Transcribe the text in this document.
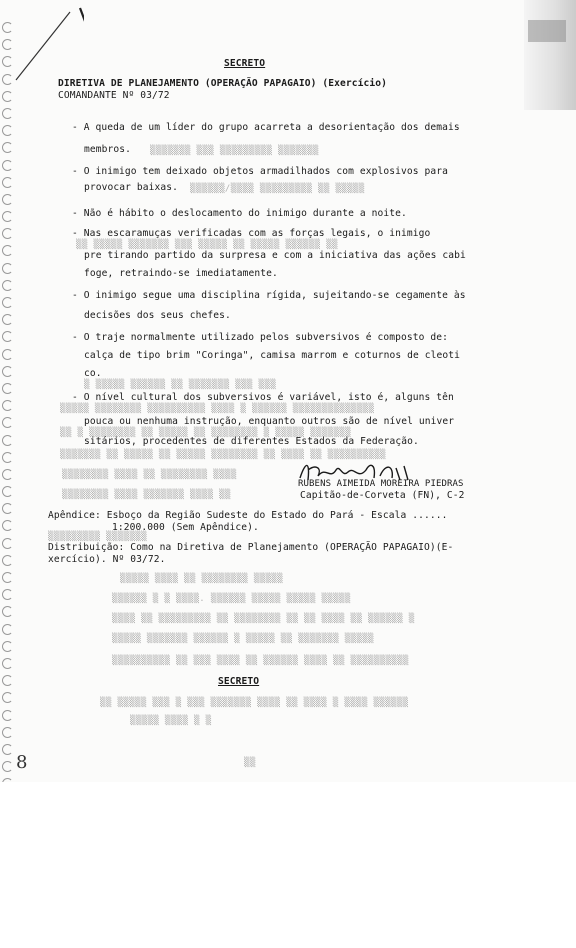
SECRETO
DIRETIVA DE PLANEJAMENTO (OPERAÇÃO PAPAGAIO) (Exercício)
COMANDANTE Nº 03/72
- A queda de um líder do grupo acarreta a desorientação dos demais
membros. ▒▒▒▒▒▒▒ ▒▒▒ ▒▒▒▒▒▒▒▒▒ ▒▒▒▒▒▒▒
- O inimigo tem deixado objetos armadilhados com explosivos para
provocar baixas. ▒▒▒▒▒▒/▒▒▒▒ ▒▒▒▒▒▒▒▒▒ ▒▒ ▒▒▒▒▒
- Não é hábito o deslocamento do inimigo durante a noite.
- Nas escaramuças verificadas com as forças legais, o inimigo
▒▒ ▒▒▒▒▒ ▒▒▒▒▒▒▒ ▒▒▒ ▒▒▒▒▒ ▒▒ ▒▒▒▒▒ ▒▒▒▒▒▒ ▒▒
pre tirando partido da surpresa e com a iniciativa das ações cabi
foge, retraindo-se imediatamente.
- O inimigo segue uma disciplina rígida, sujeitando-se cegamente às
decisões dos seus chefes.
- O traje normalmente utilizado pelos subversivos é composto de:
calça de tipo brim "Coringa", camisa marrom e coturnos de cleoti
co.
▒ ▒▒▒▒▒ ▒▒▒▒▒▒ ▒▒ ▒▒▒▒▒▒▒ ▒▒▒ ▒▒▒
- O nível cultural dos subversivos é variável, isto é, alguns tên
▒▒▒▒▒ ▒▒▒▒▒▒▒▒ ▒▒▒▒▒▒▒▒▒▒ ▒▒▒▒ ▒ ▒▒▒▒▒▒ ▒▒▒▒▒▒▒▒▒▒▒▒▒▒
pouca ou nenhuma instrução, enquanto outros são de nível univer
▒▒ ▒ ▒▒▒▒▒▒▒▒ ▒▒ ▒▒▒▒▒ ▒▒ ▒▒▒▒▒▒▒▒ ▒ ▒▒▒▒▒ ▒▒▒▒▒▒▒
sitários, procedentes de diferentes Estados da Federação.
▒▒▒▒▒▒▒ ▒▒ ▒▒▒▒▒ ▒▒ ▒▒▒▒▒ ▒▒▒▒▒▒▒▒ ▒▒ ▒▒▒▒ ▒▒ ▒▒▒▒▒▒▒▒▒▒
RUBENS AIMEIDA MOREIRA PIEDRAS
Capitão-de-Corveta (FN), C-2
▒▒▒▒▒▒▒▒ ▒▒▒▒ ▒▒ ▒▒▒▒▒▒▒▒ ▒▒▒▒
▒▒▒▒▒▒▒▒ ▒▒▒▒ ▒▒▒▒▒▒▒ ▒▒▒▒ ▒▒
Apêndice: Esboço da Região Sudeste do Estado do Pará - Escala ......
1:200.000 (Sem Apêndice).
▒▒▒▒▒▒▒▒▒ ▒▒▒▒▒▒▒
Distribuição: Como na Diretiva de Planejamento (OPERAÇÃO PAPAGAIO)(E-
xercício). Nº 03/72.
▒▒▒▒▒ ▒▒▒▒ ▒▒ ▒▒▒▒▒▒▒▒ ▒▒▒▒▒
▒▒▒▒▒▒ ▒ ▒ ▒▒▒▒. ▒▒▒▒▒▒ ▒▒▒▒▒ ▒▒▒▒▒ ▒▒▒▒▒
▒▒▒▒ ▒▒ ▒▒▒▒▒▒▒▒▒ ▒▒ ▒▒▒▒▒▒▒▒ ▒▒ ▒▒ ▒▒▒▒ ▒▒ ▒▒▒▒▒▒ ▒
▒▒▒▒▒ ▒▒▒▒▒▒▒ ▒▒▒▒▒▒ ▒ ▒▒▒▒▒ ▒▒ ▒▒▒▒▒▒▒ ▒▒▒▒▒
▒▒▒▒▒▒▒▒▒▒ ▒▒ ▒▒▒ ▒▒▒▒ ▒▒ ▒▒▒▒▒▒ ▒▒▒▒ ▒▒ ▒▒▒▒▒▒▒▒▒▒
SECRETO
▒▒ ▒▒▒▒▒ ▒▒▒ ▒ ▒▒▒ ▒▒▒▒▒▒▒ ▒▒▒▒ ▒▒ ▒▒▒▒ ▒ ▒▒▒▒ ▒▒▒▒▒▒
▒▒▒▒▒ ▒▒▒▒ ▒ ▒
▒▒
8
